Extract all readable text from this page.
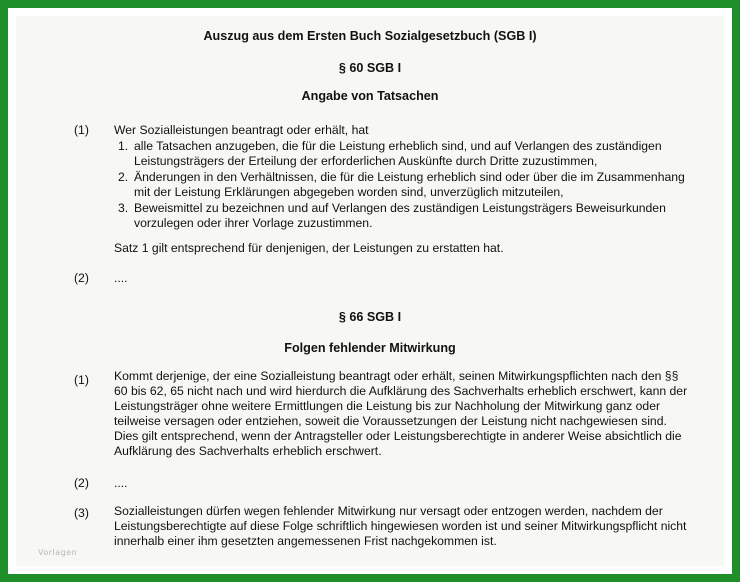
Auszug aus dem Ersten Buch Sozialgesetzbuch (SGB I)
§ 60 SGB I
Angabe von Tatsachen
(1) Wer Sozialleistungen beantragt oder erhält, hat
1. alle Tatsachen anzugeben, die für die Leistung erheblich sind, und auf Verlangen des zuständigen
Leistungsträgers der Erteilung der erforderlichen Auskünfte durch Dritte zuzustimmen,
2. Änderungen in den Verhältnissen, die für die Leistung erheblich sind oder über die im Zusammenhang
mit der Leistung Erklärungen abgegeben worden sind, unverzüglich mitzuteilen,
3. Beweismittel zu bezeichnen und auf Verlangen des zuständigen Leistungsträgers Beweisurkunden
vorzulegen oder ihrer Vorlage zuzustimmen.
Satz 1 gilt entsprechend für denjenigen, der Leistungen zu erstatten hat.
(2) ....
§ 66 SGB I
Folgen fehlender Mitwirkung
(1) Kommt derjenige, der eine Sozialleistung beantragt oder erhält, seinen Mitwirkungspflichten nach den §§
60 bis 62, 65 nicht nach und wird hierdurch die Aufklärung des Sachverhalts erheblich erschwert, kann der
Leistungsträger ohne weitere Ermittlungen die Leistung bis zur Nachholung der Mitwirkung ganz oder
teilweise versagen oder entziehen, soweit die Voraussetzungen der Leistung nicht nachgewiesen sind.
Dies gilt entsprechend, wenn der Antragsteller oder Leistungsberechtigte in anderer Weise absichtlich die
Aufklärung des Sachverhalts erheblich erschwert.
(2) ....
(3) Sozialleistungen dürfen wegen fehlender Mitwirkung nur versagt oder entzogen werden, nachdem der
Leistungsberechtigte auf diese Folge schriftlich hingewiesen worden ist und seiner Mitwirkungspflicht nicht
innerhalb einer ihm gesetzten angemessenen Frist nachgekommen ist.
Vorlagen
